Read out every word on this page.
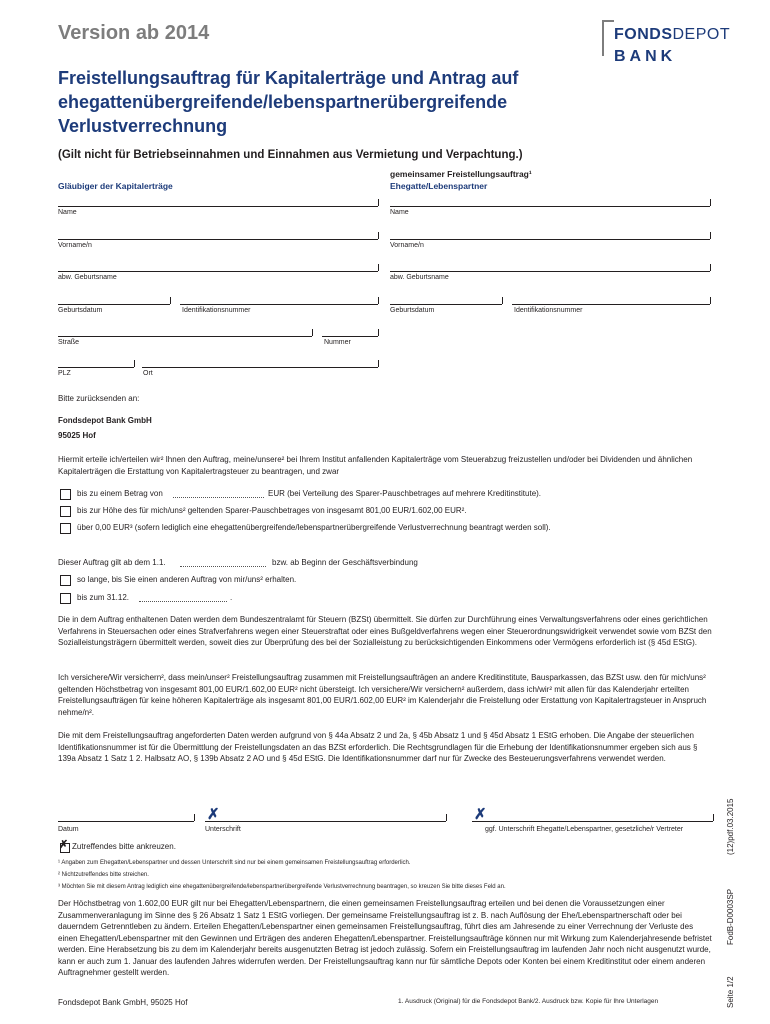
Version ab 2014	FONDSDEPOT
BANK
Freistellungsauftrag für Kapitalerträge und Antrag auf ehegattenübergreifende/lebenspartnerübergreifende Verlustverrechnung
(Gilt nicht für Betriebseinnahmen und Einnahmen aus Vermietung und Verpachtung.)
Gläubiger der Kapitalerträge
gemeinsamer Freistellungsauftrag¹
Ehegatte/Lebenspartner
Name	Name
Vorname/n	Vorname/n
abw. Geburtsname	abw. Geburtsname
Geburtsdatum	Identifikationsnummer	Geburtsdatum	Identifikationsnummer
Straße	Nummer
PLZ	Ort
Bitte zurücksenden an:
Fondsdepot Bank GmbH
95025 Hof
Hiermit erteile ich/erteilen wir² Ihnen den Auftrag, meine/unsere² bei Ihrem Institut anfallenden Kapitalerträge vom Steuerabzug freizustellen und/oder bei Dividenden und ähnlichen Kapitalerträgen die Erstattung von Kapitalertragsteuer zu beantragen, und zwar
bis zu einem Betrag von	EUR (bei Verteilung des Sparer-Pauschbetrages auf mehrere Kreditinstitute).
bis zur Höhe des für mich/uns² geltenden Sparer-Pauschbetrages von insgesamt 801,00 EUR/1.602,00 EUR².
über 0,00 EUR³ (sofern lediglich eine ehegattenübergreifende/lebenspartnerübergreifende Verlustverrechnung beantragt werden soll).
Dieser Auftrag gilt ab dem 1.1.	bzw. ab Beginn der Geschäftsverbindung
so lange, bis Sie einen anderen Auftrag von mir/uns² erhalten.
bis zum 31.12.	.
Die in dem Auftrag enthaltenen Daten werden dem Bundeszentralamt für Steuern (BZSt) übermittelt. Sie dürfen zur Durchführung eines Verwaltungsverfahrens oder eines gerichtlichen Verfahrens in Steuersachen oder eines Strafverfahrens wegen einer Steuerstraftat oder eines Bußgeldverfahrens wegen einer Steuerordnungswidrigkeit verwendet sowie vom BZSt den Sozialleistungsträgern übermittelt werden, soweit dies zur Überprüfung des bei der Sozialleistung zu berücksichtigenden Einkommens oder Vermögens erforderlich ist (§ 45d EStG).
Ich versichere/Wir versichern², dass mein/unser² Freistellungsauftrag zusammen mit Freistellungsaufträgen an andere Kreditinstitute, Bausparkassen, das BZSt usw. den für mich/uns² geltenden Höchstbetrag von insgesamt 801,00 EUR/1.602,00 EUR² nicht übersteigt. Ich versichere/Wir versichern² außerdem, dass ich/wir² mit allen für das Kalenderjahr erteilten Freistellungsaufträgen für keine höheren Kapitalerträge als insgesamt 801,00 EUR/1.602,00 EUR² im Kalenderjahr die Freistellung oder Erstattung von Kapitalertragsteuer in Anspruch nehme/n².
Die mit dem Freistellungsauftrag angeforderten Daten werden aufgrund von § 44a Absatz 2 und 2a, § 45b Absatz 1 und § 45d Absatz 1 EStG erhoben. Die Angabe der steuerlichen Identifikationsnummer ist für die Übermittlung der Freistellungsdaten an das BZSt erforderlich. Die Rechtsgrundlagen für die Erhebung der Identifikationsnummer ergeben sich aus § 139a Absatz 1 Satz 1 2. Halbsatz AO, § 139b Absatz 2 AO und § 45d EStG. Die Identifikationsnummer darf nur für Zwecke des Besteuerungsverfahrens verwendet werden.
✗	✗
Datum	Unterschrift	ggf. Unterschrift Ehegatte/Lebenspartner, gesetzliche/r Vertreter
✗ Zutreffendes bitte ankreuzen.
¹ Angaben zum Ehegatten/Lebenspartner und dessen Unterschrift sind nur bei einem gemeinsamen Freistellungsauftrag erforderlich.
² Nichtzutreffendes bitte streichen.
³ Möchten Sie mit diesem Antrag lediglich eine ehegattenübergreifende/lebenspartnerübergreifende Verlustverrechnung beantragen, so kreuzen Sie bitte dieses Feld an.
Der Höchstbetrag von 1.602,00 EUR gilt nur bei Ehegatten/Lebenspartnern, die einen gemeinsamen Freistellungsauftrag erteilen und bei denen die Voraussetzungen einer Zusammenveranlagung im Sinne des § 26 Absatz 1 Satz 1 EStG vorliegen. Der gemeinsame Freistellungsauftrag ist z. B. nach Auflösung der Ehe/Lebenspartnerschaft oder bei dauerndem Getrenntleben zu ändern. Erteilen Ehegatten/Lebenspartner einen gemeinsamen Freistellungsauftrag, führt dies am Jahresende zu einer Verrechnung der Verluste des einen Ehegatten/Lebenspartner mit den Gewinnen und Erträgen des anderen Ehegatten/Lebenspartner. Freistellungsaufträge können nur mit Wirkung zum Kalenderjahresende befristet werden. Eine Herabsetzung bis zu dem im Kalenderjahr bereits ausgenutzten Betrag ist jedoch zulässig. Sofern ein Freistellungsauftrag im laufenden Jahr noch nicht ausgenutzt wurde, kann er auch zum 1. Januar des laufenden Jahres widerrufen werden. Der Freistellungsauftrag kann nur für sämtliche Depots oder Konten bei einem Kreditinstitut oder einem anderen Auftragnehmer gestellt werden.
Fondsdepot Bank GmbH, 95025 Hof	1. Ausdruck (Original) für die Fondsdepot Bank/2. Ausdruck bzw. Kopie für Ihre Unterlagen
(12)pdf.03.2015
FodB-D0003SP
Seite 1/2
